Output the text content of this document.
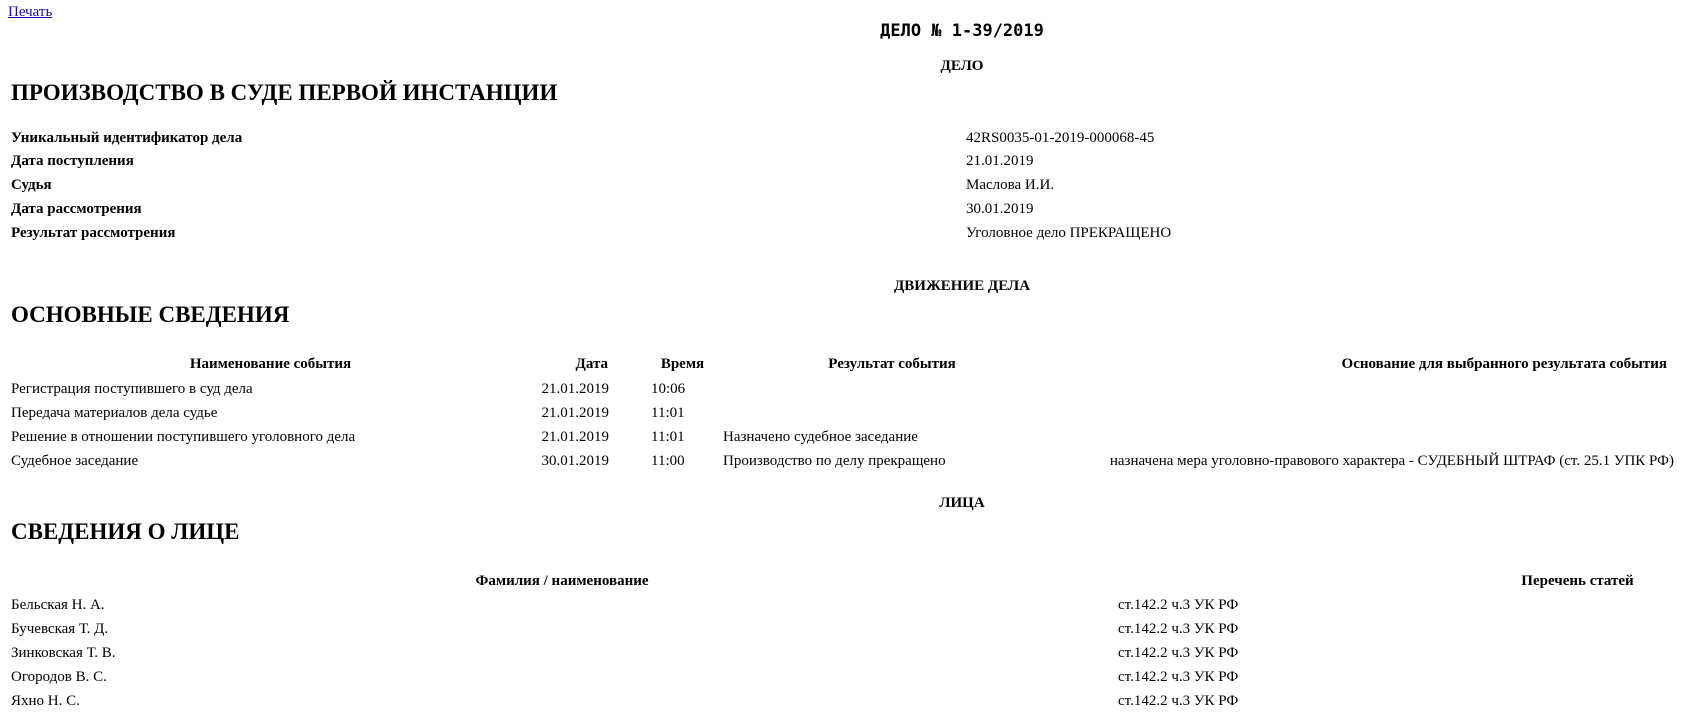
Печать
ДЕЛО № 1-39/2019
ДЕЛО
ПРОИЗВОДСТВО В СУДЕ ПЕРВОЙ ИНСТАНЦИИ
Уникальный идентификатор дела	42RS0035-01-2019-000068-45
Дата поступления	21.01.2019
Судья	Маслова И.И.
Дата рассмотрения	30.01.2019
Результат рассмотрения	Уголовное дело ПРЕКРАЩЕНО
ДВИЖЕНИЕ ДЕЛА
ОСНОВНЫЕ СВЕДЕНИЯ
Наименование события	Дата	Время	Результат события	Основание для выбранного результата события
Регистрация поступившего в суд дела	21.01.2019	10:06
Передача материалов дела судье	21.01.2019	11:01
Решение в отношении поступившего уголовного дела	21.01.2019	11:01	Назначено судебное заседание
Судебное заседание	30.01.2019	11:00	Производство по делу прекращено	назначена мера уголовно-правового характера - СУДЕБНЫЙ ШТРАФ (ст. 25.1 УПК РФ)
ЛИЦА
СВЕДЕНИЯ О ЛИЦЕ
Фамилия / наименование	Перечень статей
Бельская Н. А.	ст.142.2 ч.3 УК РФ
Бучевская Т. Д.	ст.142.2 ч.3 УК РФ
Зинковская Т. В.	ст.142.2 ч.3 УК РФ
Огородов В. С.	ст.142.2 ч.3 УК РФ
Яхно Н. С.	ст.142.2 ч.3 УК РФ
